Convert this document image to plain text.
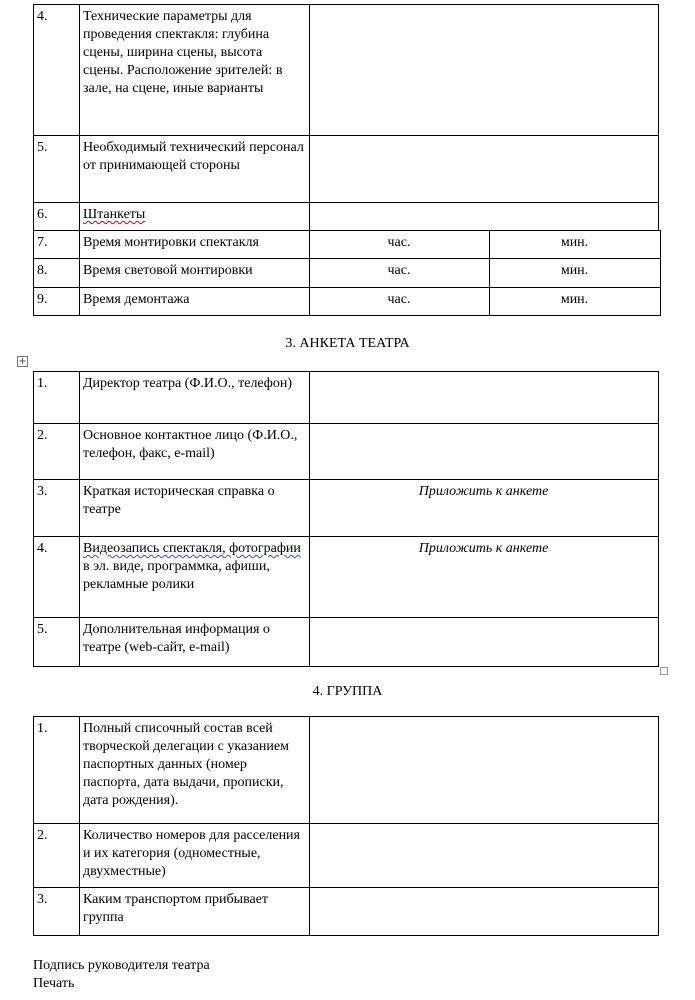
4.	Технические параметры для проведения спектакля: глубина сцены, ширина сцены, высота сцены. Расположение зрителей: в зале, на сцене, иные варианты	
5.	Необходимый технический персонал от принимающей стороны	
6.	Штанкеты	
7.	Время монтировки спектакля	час.	мин.
8.	Время световой монтировки	час.	мин.
9.	Время демонтажа	час.	мин.
3. АНКЕТА ТЕАТРА
+
1.	Директор театра (Ф.И.О., телефон)	
2.	Основное контактное лицо (Ф.И.О., телефон, факс, e-mail)	
3.	Краткая историческая справка о театре	Приложить к анкете
4.	Видеозапись спектакля, фотографии в эл. виде, программка, афиши, рекламные ролики	Приложить к анкете
5.	Дополнительная информация о театре (web-сайт, e-mail)	
4. ГРУППА
1.	Полный списочный состав всей творческой делегации с указанием паспортных данных (номер паспорта, дата выдачи, прописки, дата рождения).	
2.	Количество номеров для расселения и их категория (одноместные, двухместные)	
3.	Каким транспортом прибывает группа	
Подпись руководителя театра
Печать
